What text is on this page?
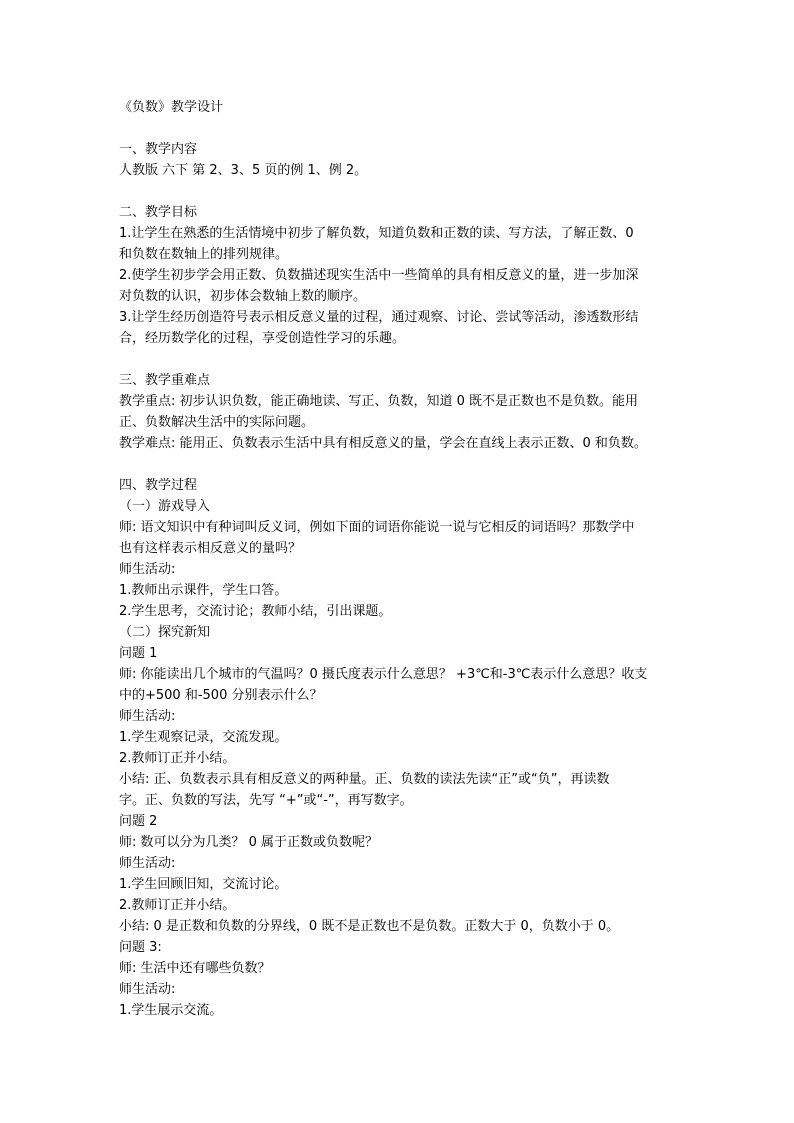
《负数》教学设计
一、教学内容
人教版 六下 第 2、3、5 页的例 1、例 2。
二、教学目标
1.让学生在熟悉的生活情境中初步了解负数，知道负数和正数的读、写方法，了解正数、0
和负数在数轴上的排列规律。
2.使学生初步学会用正数、负数描述现实生活中一些简单的具有相反意义的量，进一步加深
对负数的认识，初步体会数轴上数的顺序。
3.让学生经历创造符号表示相反意义量的过程，通过观察、讨论、尝试等活动，渗透数形结
合，经历数学化的过程，享受创造性学习的乐趣。
三、教学重难点
教学重点: 初步认识负数，能正确地读、写正、负数，知道 0 既不是正数也不是负数。能用
正、负数解决生活中的实际问题。
教学难点: 能用正、负数表示生活中具有相反意义的量，学会在直线上表示正数、0 和负数。
四、教学过程
（一）游戏导入
师: 语文知识中有种词叫反义词，例如下面的词语你能说一说与它相反的词语吗？那数学中
也有这样表示相反意义的量吗？
师生活动:
1.教师出示课件，学生口答。
2.学生思考，交流讨论；教师小结，引出课题。
（二）探究新知
问题 1
师: 你能读出几个城市的气温吗？0 摄氏度表示什么意思？ +3℃和-3℃表示什么意思？收支
中的+500 和-500 分别表示什么？
师生活动:
1.学生观察记录，交流发现。
2.教师订正并小结。
小结: 正、负数表示具有相反意义的两种量。正、负数的读法先读“正”或“负”，再读数
字。正、负数的写法，先写 “+”或“-”，再写数字。
问题 2
师: 数可以分为几类？ 0 属于正数或负数呢？
师生活动:
1.学生回顾旧知，交流讨论。
2.教师订正并小结。
小结: 0 是正数和负数的分界线，0 既不是正数也不是负数。正数大于 0，负数小于 0。
问题 3:
师: 生活中还有哪些负数？
师生活动:
1.学生展示交流。
